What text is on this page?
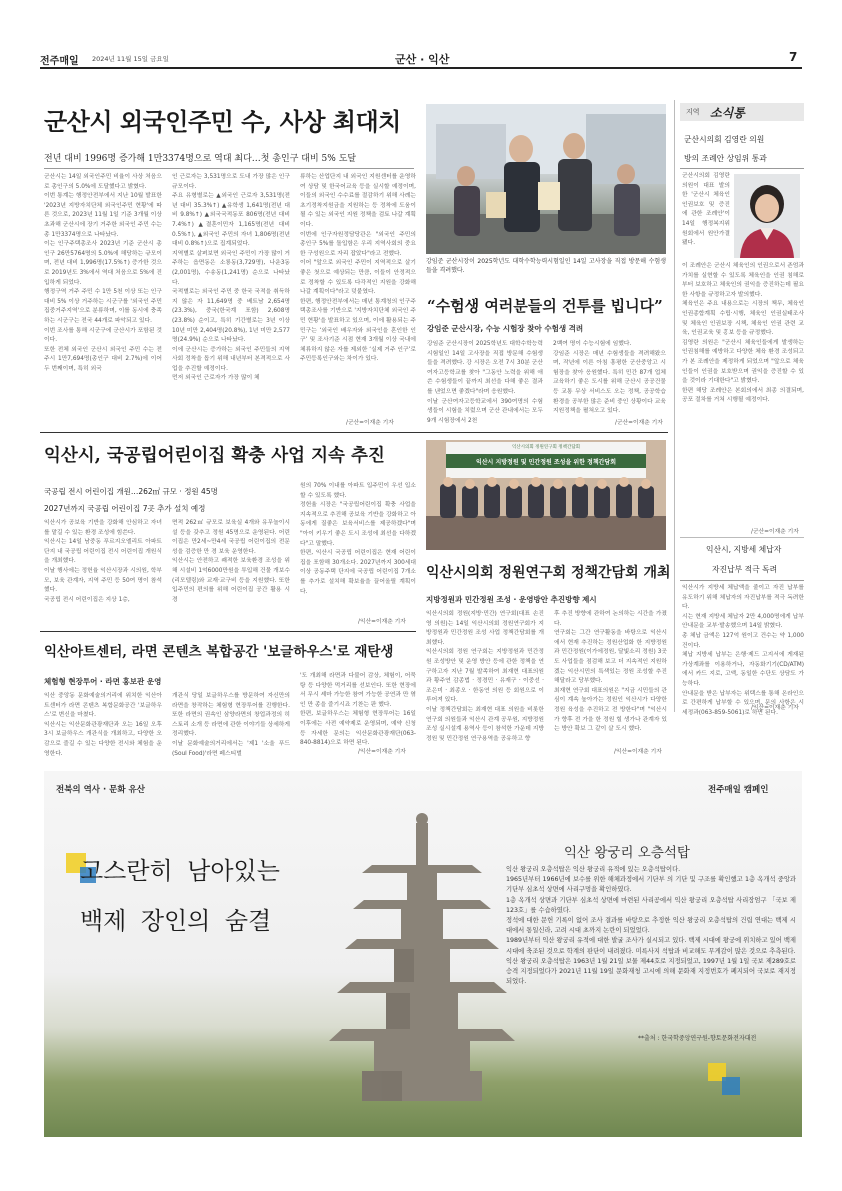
전주매일 2024년 11월 15일 금요일	군산 · 익산	7
군산시 외국인주민 수, 사상 최대치
전년 대비 1996명 증가해 1만3374명으로 역대 최다…첫 총인구 대비 5% 도달
군산시는 14일 외국인주민 비율이 사상 처음으로 총인구의 5.0%에 도달했다고 밝혔다.
이번 통계는 행정안전부에서 지난 10월 발표한 '2023년 지방자치단체 외국인주민 현황'에 따른 것으로, 2023년 11월 1일 기준 3개월 이상 초과해 군산시에 장기 거주한 외국인 주민 수는 총 1만3374명으로 나타났다.
이는 인구주택총조사 2023년 기준 군산시 총인구 26만5764명의 5.0%에 해당하는 규모이며, 전년 대비 1,996명(17.5%↑) 증가한 것으로 2019년도 3%에서 역대 처음으로 5%에 진입하게 되었다.
행정구역 거주 주민 수 1만 5천 이상 또는 인구 대비 5% 이상 거주하는 시군구를 '외국인 주민 집중거주지역'으로 분류하며, 이를 동시에 충족하는 시군구는 전국 44개로 파악되고 있다.
이번 조사를 통해 시군구에 군산시가 포함된 것이다.
또한 전체 외국인 군산시 외국인 주민 수는 전주시 1만7,694명(총인구 대비 2.7%)에 이어 두 번째이며, 특히 외국
인 근로자는 3,531명으로 도내 가장 많은 인구 규모이다.
주요 유형별로는 ▲외국인 근로자 3,531명(전년 대비 35.3%↑) ▲유학생 1,641명(전년 대비 9.8%↑) ▲외국국적동포 806명(전년 대비 7.4%↑) ▲결혼이민자 1,165명(전년 대비 0.5%↑), ▲외국인 주민의 자녀 1,806명(전년 대비 0.8%↑)으로 집계되었다.
지역별로 살펴보면 외국인 주민이 가장 많이 거주하는 읍면동은 소룡동(3,729명), 나운3동(2,001명), 수송동(1,241명) 순으로 나타났다.
국적별로는 외국인 주민 중 한국 국적을 취득하지 않은 자 11,649명 중 베트남 2,654명(23.3%), 중국(한국계 포함) 2,608명(23.8%) 순이고, 특히 기간별로는 3년 이상 10년 미만 2,404명(20.8%), 1년 미만 2,577명(24.9%) 순으로 나타났다.
이에 군산시는 증가하는 외국인 주민들의 지역사회 정착을 돕기 위해 내년부터 본격적으로 사업을 추진할 예정이다.
먼저 외국인 근로자가 가장 많이 체
류하는 산업단지 내 외국인 지원센터를 운영하여 상담 및 한국어교육 등을 실시할 예정이며, 이들의 외국인 수수료를 절감하기 위해 사례는 초기정착지원금을 지원하는 등 정착에 도움이 될 수 있는 외국인 지원 정책을 검토 나갈 계획이다.
이번에 인구자원정담당관은 "외국인 주민의 총인구 5%를 돌입함은 우리 지역사회의 중요한 구성원으로 자리 잡았다"라고 전했다.
이어 "앞으로 외국인 주민이 지역적으로 살기 좋은 첫으로 예상되는 만큼, 이들이 안정적으로 정착할 수 있도록 다각적인 지원을 강화해 나갈 계획이다"라고 덧붙였다.
한편, 행정안전부에서는 매년 통계청의 인구주택총조사를 기반으로 '지방자치단체 외국인 주민 현황'을 발표하고 있으며, 이에 활용되는 주민구는 ‘외국인 배우자와 외국인을 혼인한 인구’ 및 조사기준 시점 현재 3개월 이상 국내에 체류하지 않은 자를 제외한 ‘실제 거주 인구’로 주민등록인구와는 차이가 있다.
/군산=이재춘 기자
강임준 군산시장이 2025학년도 대학수학능력시험일인 14일 고사장을 직접 방문해 수험생들을 격려했다.
“수험생 여러분들의 건투를 빕니다”
강임준 군산시장, 수능 시험장 찾아 수험생 격려
강임준 군산시장이 2025학년도 대학수학능력시험일인 14일 고사장을 직접 방문해 수험생들을 격려했다. 강 시장은 오전 7시 30분 군산여자고등학교를 찾아 "그동안 노력을 위해 애쓴 수험생들이 끝까지 최선을 다해 좋은 결과를 낸었으면 좋겠다"라며 응원했다.
이날 군산여자고등학교에서 390여명의 수험생들이 시험을 치렀으며 군산 관내에서는 모두 9개 시험장에서 2천
2백여 명이 수능시험에 임했다.
강임준 시장은 매년 수험생들을 격려해왔으며, 작년에 이른 아침 흥평한 군산중앙고 시험장을 찾아 응원했다. 특히 민간 87개 업체 교육하기 좋은 도시를 위해 군산시 공공건물 등 교통 무상 서비스도 오는 정책, 공공학습 환경을 공부한 많은 준비 중인 상황이다 교육 지원정책을 펼쳐오고 있다.
/군산=이재춘 기자
지역 소식통
군산시의회 김영란 의원
방의 조례안 상임위 통과
군산시의회 김영란 의원이 대표 발의한 '군산시 체육인 인권보호 및 증진에 관한 조례안'이 14일 행정복지위원회에서 원안가결됐다.
이 조례안은 군산시 체육인의 인권으로서 존엄과 가치를 실현할 수 있도록 체육인을 인권 침해로부터 보호하고 체육인의 권익을 증진하는데 필요한 사항을 규정하고자 발의했다.
체육인은 주요 내용으로는 시장의 책무, 체육인 인권종합계획 수립·시행, 체육인 인권실태조사 및 체육인 인권보장 시책, 체육인 인권 관련 교육, 인권교육 및 홍보 등을 규정했다.
김영란 의원은 "군산시 체육인들에게 발생하는 인권침해를 예방하고 다양한 체육 환경 조성되고가 본 조례안을 제정하게 되었으며 "앞으로 체육인들이 인권을 보호받으며 권익을 증진할 수 있을 것이라 기대한다"고 밝혔다.
한편 해당 조례안은 본회의에서 최종 의결되며, 공포 절차를 거쳐 시행될 예정이다.
/군산=이재춘 기자
익산시, 지방세 체납자
자진납부 적극 독려
익산시가 지방세 체납액을 줄이고 자진 납부를 유도하기 위해 체납자의 자진납부를 적극 독려한다.
시는 현재 지방세 체납자 2만 4,000명에게 납부 안내문을 교부·발송했으며 14일 밝혔다.
총 체납 금액은 127억 원이고 건수는 약 1,000건이다.
체납 지방세 납부는 은행·제드 고지서에 게재된 가상계좌를 이용하거나, 자동화기기(CD/ATM)에서 카드 지로, 고액, 동일한 수단도 상담도 가능하다.
안내문을 받은 납부자는 위택스를 통해 온라인으로 간편하게 납부할 수 있으며, 문의 사항은 시 세정과(063-859-5061)로 하면 된다.
/익산=이재춘 기자
익산시, 국공립어린이집 확충 사업 지속 추진
국공립 전시 어린이집 개원…262㎡ 규모 · 정원 45명
2027년까지 국공립 어린이집 7곳 추가 설치 예정
익산시가 공보육 기반을 강화해 안심하고 자녀를 맡길 수 있는 환경 조성에 힘쓴다.
익산시는 14일 남중동 푸르지오엘리트 아파트 단지 내 국공립 어린이집 전시 어린이집 개원식을 개최했다.
이날 행사에는 정헌율 익산시장과 시의원, 학부모, 보육 관계자, 지역 주민 등 50여 명이 참석했다.
국공립 전시 어린이집은 지상 1층,
면적 262㎡ 규모로 보육실 4개와 유무놀이시설 등을 갖추고 정원 45명으로 운영된다. 어린이집은 만2세~만4세 국공립 어린이집의 전문성을 검증한 만 경 보육 운영한다.
익산시는 안전하고 쾌적한 보육환경 조성을 위해 시설비 1억6000만원을 투입해 건물 개보수(리모델링)와 교재·교구비 등을 지원했다. 또한 입주민의 편의를 위해 어린이집 공간 활용 시 경
원의 70% 이내를 아파트 입주민이 우선 입소할 수 있도록 했다.
정헌율 시장은 "국공립어린이집 확충 사업을 지속적으로 추진해 공보육 기반을 강화하고 아동에게 질좋은 보육서비스를 제공하겠다"며 "아이 키우기 좋은 도시 조성에 최선을 다하겠다"고 말했다.
한편, 익산시 국공립 어린이집은 현재 어린이집을 포함해 30개소다. 2027년까지 300세대 이상 공동주택 단지에 국공립 어린이집 7개소를 추가로 설치해 확보율을 끌어올릴 계획이다.
/익산=이재춘 기자
익산시의회 정원연구회 정책간담회
익산시 지방정원 및 민간정원 조성을 위한 정책간담회
익산시의회 정원연구회 정책간담회 개최
지방정원과 민간정원 조성 · 운영방안 추진방향 제시
익산시의회 정원(지방·민간) 연구회(대표 손진영 의원)는 14일 익산시의회 정원연구회가 지방정원과 민간정원 조성 사업 정책간담회를 개최했다.
익산시의회 정원 연구회는 지방정원과 민간정원 조성방안 및 운영 방안 등에 관한 정책을 연구하고자 지난 7월 발족하여 최재현 대표의원과 황주연 감종법 · 정경민 · 유재구 · 이중선 · 조은미 · 최종오 · 한동연 의원 등 회원으로 이루어져 있다.
이날 정책간담회는 최재현 대표 의원을 비롯한 연구회 의원들과 익산시 관계 공무원, 지방정원 조성 실시설계 용역사 등이 참석한 가운데 지방정원 및 민간정원 연구용역을 공유하고 향
후 추진 방향에 관하여 논의하는 시간을 가졌다.
연구회는 그간 연구활동을 바탕으로 익산시에서 현재 추진하는 정원산업화 한 지방정원과 민간정원(이가에정원, 달빛소리 정원) 3곳도 사업들을 점검해 보고 더 지속적인 지원하겠는 익산시민의 특색있는 정원 조성할 추진해달라고 당부했다.
최재현 연구회 대표의원은 "지금 시민들의 관심이 계속 높아가는 정원인 익산시가 다양한 정원 육성을 추진하고 전 방한다"며 "익산시가 향후 전 가을 한 정원 힐 생가나 관계자 있는 방안 확보 그 같이 살 도시 했다.
/익산=이재춘 기자
익산아트센터, 라면 콘텐츠 복합공간 '보글하우스'로 재탄생
체험형 현장투어 · 라면 홍보관 운영
익산 중앙동 문화예술의거리에 위치한 익산아트센터가 라면 콘텐츠 복합문화공간 '보글하우스'로 변신을 마쳤다.
익산시는 익산문화관광재단과 오는 16일 오후 3시 보글하우스 개관식을 개최하고, 다양한 오감으로 즐길 수 있는 다양한 전시와 체험을 운영한다.
개관식 당일 보글하우스를 방문하여 자신만의 라면을 창작하는 체험형 현장투어를 진행한다. 또한 라면의 권속인 삼양라면의 창업과정의 히스토리 소개 등 라면에 관한 이야기들 상세하게 정리했다.
이날 문화예술의거리에서는 '제1 '소울 푸드(Soul Food)'라면 페스티벌
'도 개최해 라면과 다불어 감상, 체험이, 어묵탕 등 다양한 먹거리를 선보인다. 또한 현장에서 무시 셰마 가능한 참여 가능한 공연과 만 엮인 만 종을 즐기시죠 기찬는 판 했다.
한편, 보글하우스는 체험형 현장투어는 16일 이후에는 사전 예약제로 운영되며, 예약 신청 등 자세한 문의는 익산문화관광재단(063-840-8814)으로 하면 된다.
/익산=이재춘 기자
전북의 역사 · 문화 유산	전주매일 캠페인
고스란히 남아있는
백제 장인의 숨결
익산 왕궁리 오층석탑
익산 왕궁리 오층석탑은 익산 왕궁리 유적에 있는 오층석탑이다.
1965년부터 1966년에 보수를 위한 해체과정에서 기단부 의 기단 및 구조를 확인했고 1층 옥개석 중앙과 기단부 심초석 상면에 사리구멍을 확인하였다.
1층 옥개석 상면과 기단부 심초석 상면에 마련된 사리공에서 익산 왕궁리 오층석탑 사리장엄구 「국보 제123호」를 수습하였다.
정석에 대한 문헌 기록이 없어 조사 결과를 바탕으로 추정한 익산 왕궁리 오층석탑의 건립 연대는 백제 시대에서 통일신라, 고려 시대 초까지 논란이 되었었다.
1989년부터 익산 왕궁리 유적에 대한 발굴 조사가 실시되고 있다. 백제 시대에 왕궁에 위치하고 있어 백제 시대에 축조된 것으로 학계의 판단이 내려졌다. 미륵사지 석탑과 비교해도 무게감이 많은 것으로 추측된다.
익산 왕궁리 오층석탑은 1963년 1월 21일 보물 제44호로 지정되었고, 1997년 1월 1일 국보 제289호로 승격 지정되었다가 2021년 11월 19일 문화재청 고시에 의해 문화재 지정번호가 폐지되어 국보로 재지정되었다.
**출처 : 한국학중앙연구원-향토문화전자대전
